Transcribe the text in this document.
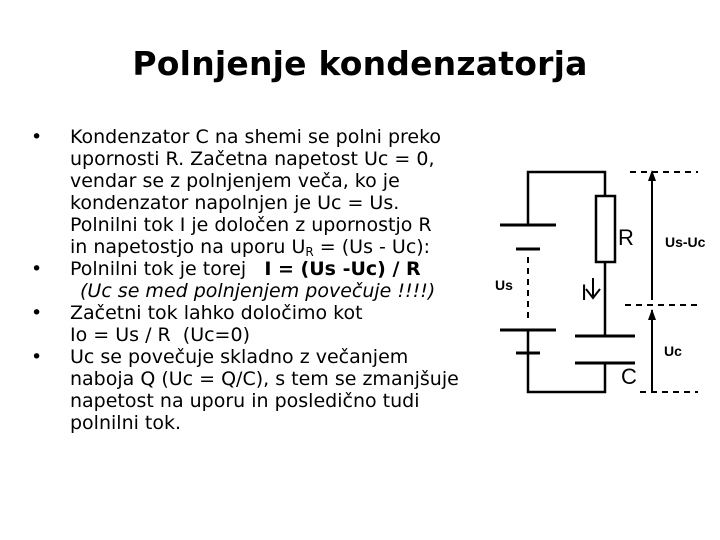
Polnjenje kondenzatorja
• Kondenzator C na shemi se polni preko
upornosti R. Začetna napetost Uc = 0,
vendar se z polnjenjem veča, ko je
kondenzator napolnjen je Uc = Us.
Polnilni tok I je določen z upornostjo R
in napetostjo na uporu $U_R = (Us - Uc)$:
• Polnilni tok je torej   I = (Us -Uc) / R
(Uc se med polnjenjem povečuje !!!!)
• Začetni tok lahko določimo kot
Io = Us / R  (Uc=0)
• Uc se povečuje skladno z večanjem
naboja Q (Uc = Q/C), s tem se zmanjšuje
napetost na uporu in posledično tudi
polnilni tok.
R
C
I
Us
Us-Uc
Uc
